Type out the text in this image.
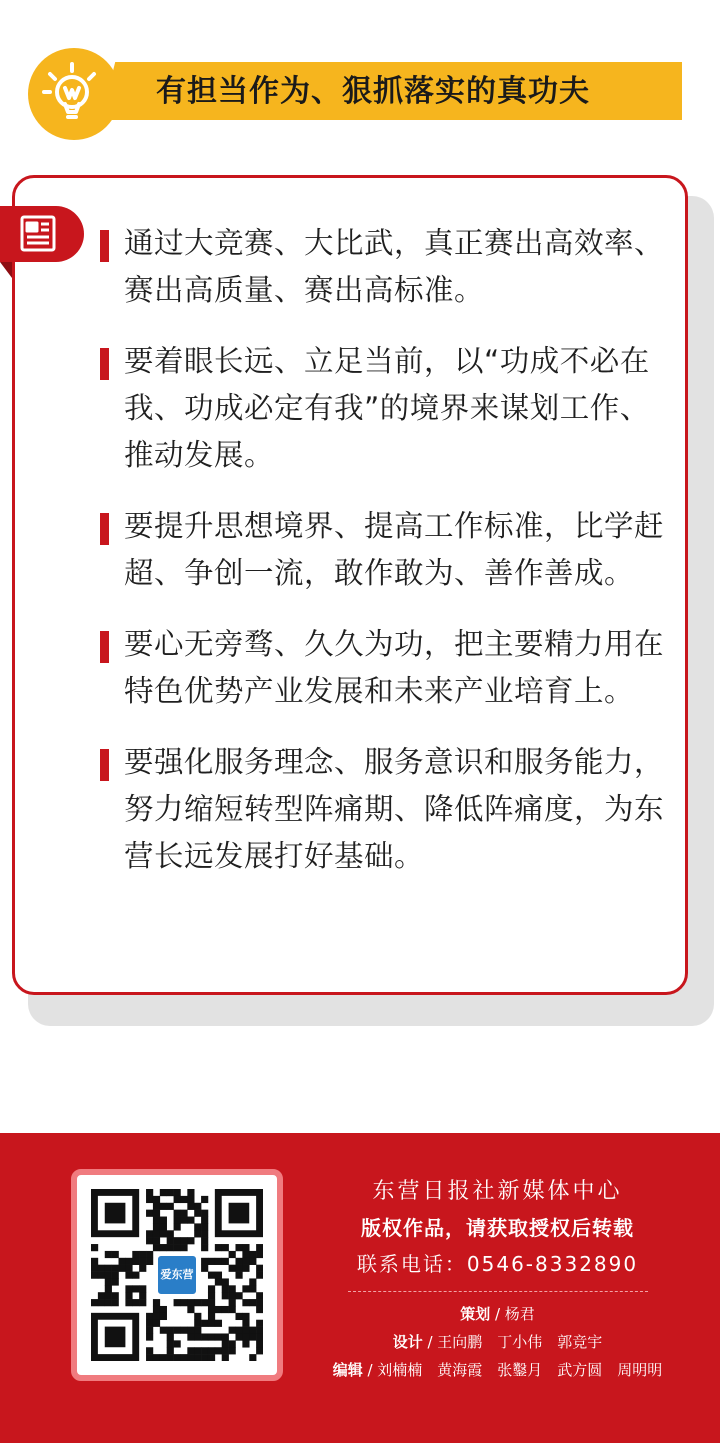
有担当作为、狠抓落实的真功夫
通过大竞赛、大比武，真正赛出高效率、赛出高质量、赛出高标准。
要着眼长远、立足当前，以“功成不必在我、功成必定有我”的境界来谋划工作、推动发展。
要提升思想境界、提高工作标准，比学赶超、争创一流，敢作敢为、善作善成。
要心无旁骛、久久为功，把主要精力用在特色优势产业发展和未来产业培育上。
要强化服务理念、服务意识和服务能力，努力缩短转型阵痛期、降低阵痛度，为东营长远发展打好基础。
爱东营
东营日报社新媒体中心
版权作品，请获取授权后转载
联系电话：0546-8332890
策划 / 杨君
设计 / 王向鹏　丁小伟　郭竞宇
编辑 / 刘楠楠　黄海霞　张鑿月　武方圆　周明明
